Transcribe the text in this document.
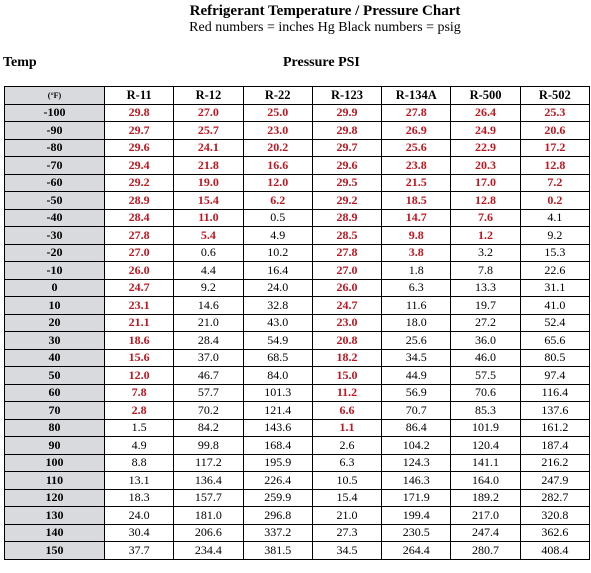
Refrigerant Temperature / Pressure Chart
Red numbers = inches Hg Black numbers = psig
Temp	Pressure PSI
(°F)	R-11	R-12	R-22	R-123	R-134A	R-500	R-502
-100	29.8	27.0	25.0	29.9	27.8	26.4	25.3
-90	29.7	25.7	23.0	29.8	26.9	24.9	20.6
-80	29.6	24.1	20.2	29.7	25.6	22.9	17.2
-70	29.4	21.8	16.6	29.6	23.8	20.3	12.8
-60	29.2	19.0	12.0	29.5	21.5	17.0	7.2
-50	28.9	15.4	6.2	29.2	18.5	12.8	0.2
-40	28.4	11.0	0.5	28.9	14.7	7.6	4.1
-30	27.8	5.4	4.9	28.5	9.8	1.2	9.2
-20	27.0	0.6	10.2	27.8	3.8	3.2	15.3
-10	26.0	4.4	16.4	27.0	1.8	7.8	22.6
0	24.7	9.2	24.0	26.0	6.3	13.3	31.1
10	23.1	14.6	32.8	24.7	11.6	19.7	41.0
20	21.1	21.0	43.0	23.0	18.0	27.2	52.4
30	18.6	28.4	54.9	20.8	25.6	36.0	65.6
40	15.6	37.0	68.5	18.2	34.5	46.0	80.5
50	12.0	46.7	84.0	15.0	44.9	57.5	97.4
60	7.8	57.7	101.3	11.2	56.9	70.6	116.4
70	2.8	70.2	121.4	6.6	70.7	85.3	137.6
80	1.5	84.2	143.6	1.1	86.4	101.9	161.2
90	4.9	99.8	168.4	2.6	104.2	120.4	187.4
100	8.8	117.2	195.9	6.3	124.3	141.1	216.2
110	13.1	136.4	226.4	10.5	146.3	164.0	247.9
120	18.3	157.7	259.9	15.4	171.9	189.2	282.7
130	24.0	181.0	296.8	21.0	199.4	217.0	320.8
140	30.4	206.6	337.2	27.3	230.5	247.4	362.6
150	37.7	234.4	381.5	34.5	264.4	280.7	408.4
